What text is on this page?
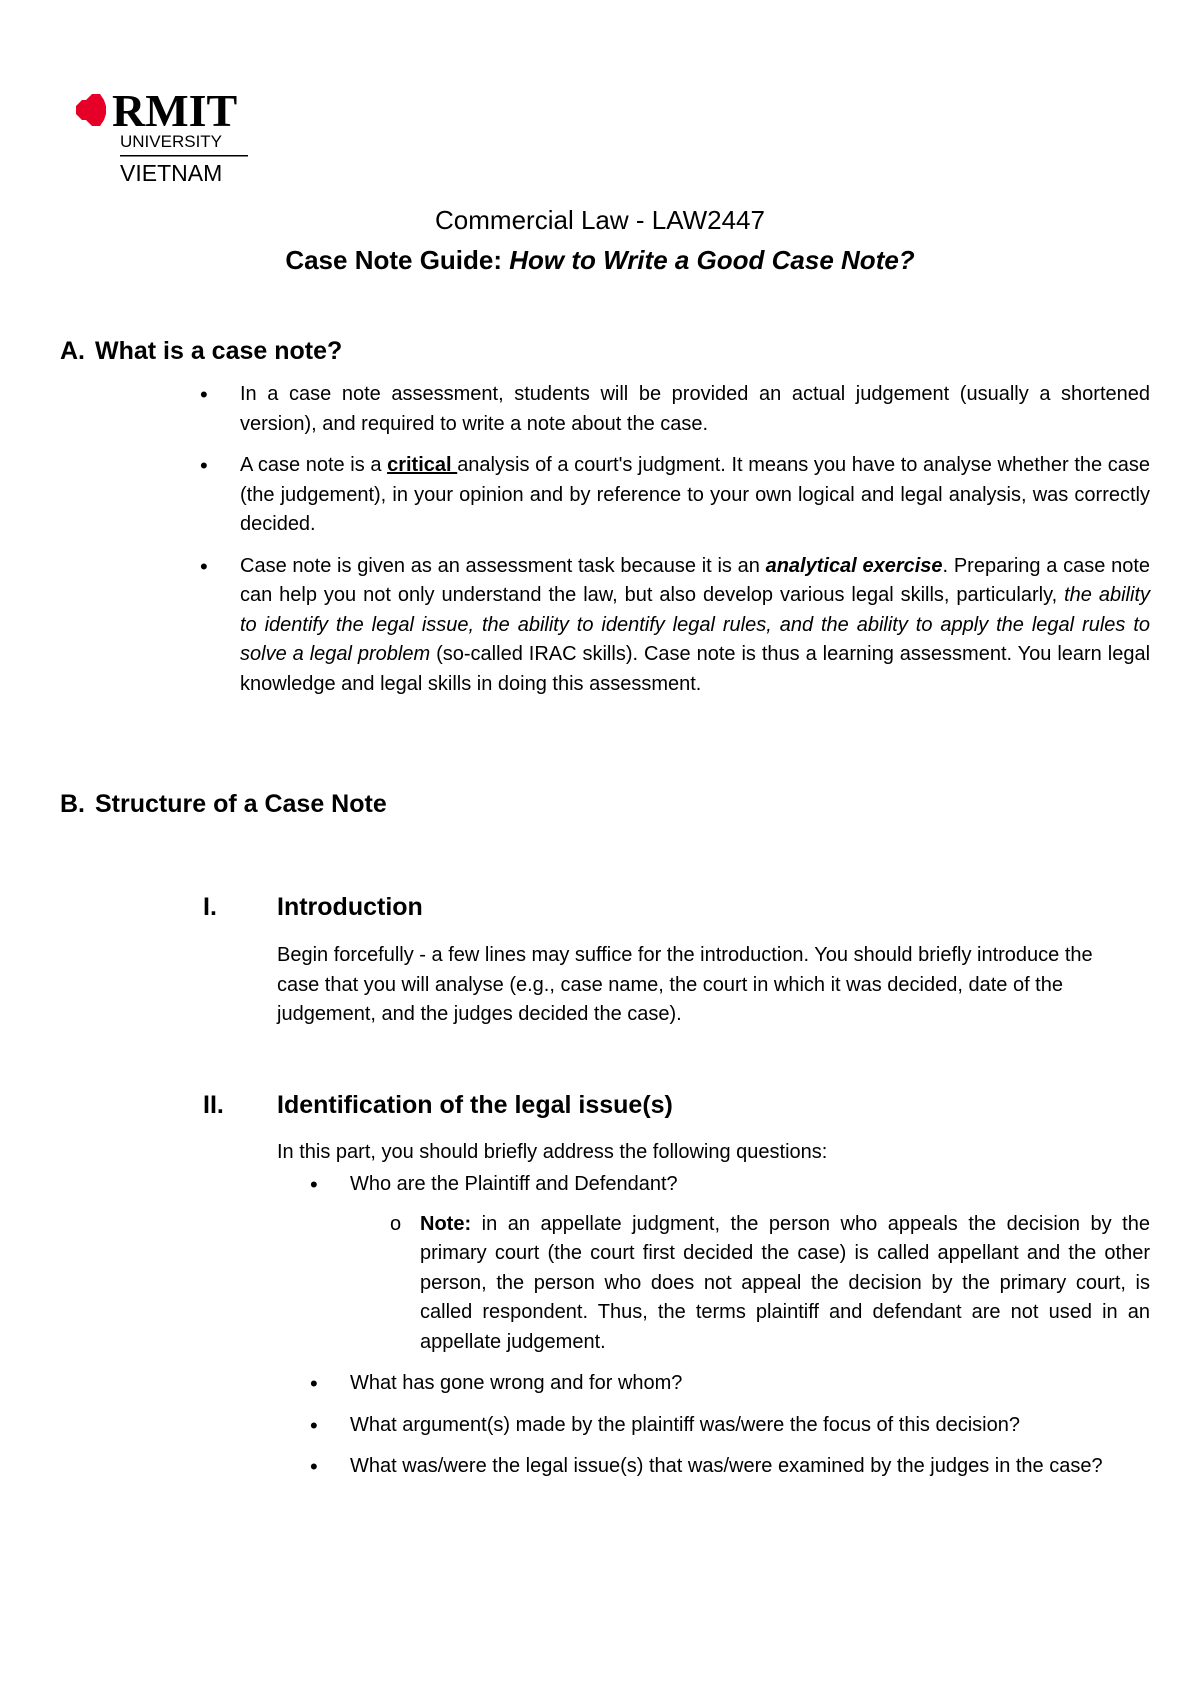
RMIT
UNIVERSITY
VIETNAM
Commercial Law - LAW2447
Case Note Guide: How to Write a Good Case Note?
A. What is a case note?
• In a case note assessment, students will be provided an actual judgement (usually a shortened version), and required to write a note about the case.
• A case note is a critical analysis of a court's judgment. It means you have to analyse whether the case (the judgement), in your opinion and by reference to your own logical and legal analysis, was correctly decided.
• Case note is given as an assessment task because it is an analytical exercise. Preparing a case note can help you not only understand the law, but also develop various legal skills, particularly, the ability to identify the legal issue, the ability to identify legal rules, and the ability to apply the legal rules to solve a legal problem (so-called IRAC skills). Case note is thus a learning assessment. You learn legal knowledge and legal skills in doing this assessment.
B. Structure of a Case Note
I. Introduction

Begin forcefully - a few lines may suffice for the introduction. You should briefly introduce the case that you will analyse (e.g., case name, the court in which it was decided, date of the judgement, and the judges decided the case).

II. Identification of the legal issue(s)

In this part, you should briefly address the following questions:

• Who are the Plaintiff and Defendant?
o Note: in an appellate judgment, the person who appeals the decision by the primary court (the court first decided the case) is called appellant and the other person, the person who does not appeal the decision by the primary court, is called respondent. Thus, the terms plaintiff and defendant are not used in an appellate judgement.
• What has gone wrong and for whom?
• What argument(s) made by the plaintiff was/were the focus of this decision?
• What was/were the legal issue(s) that was/were examined by the judges in the case?
